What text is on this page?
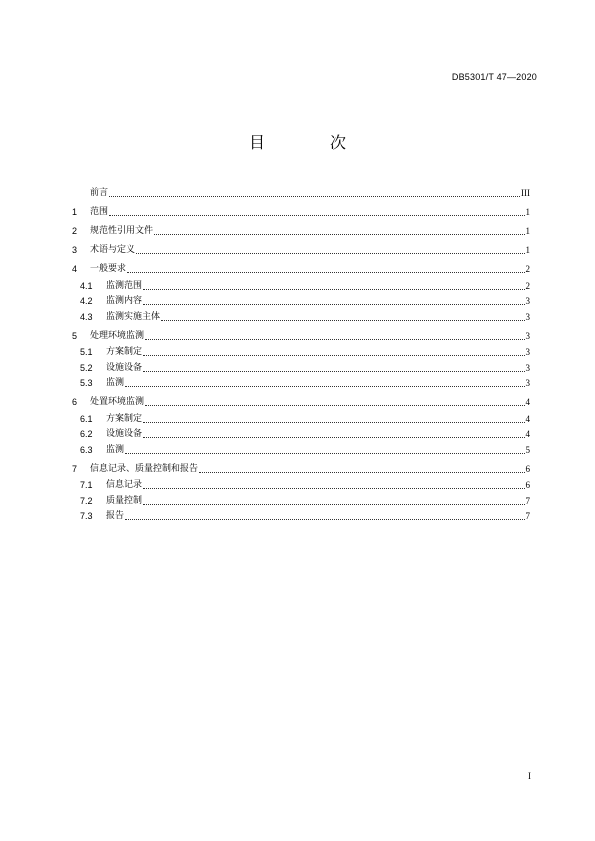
DB5301/T 47—2020
目 次
前言	III
1	范围	1
2	规范性引用文件	1
3	术语与定义	1
4	一般要求	2
4.1	监测范围	2
4.2	监测内容	3
4.3	监测实施主体	3
5	处理环境监测	3
5.1	方案制定	3
5.2	设施设备	3
5.3	监测	3
6	处置环境监测	4
6.1	方案制定	4
6.2	设施设备	4
6.3	监测	5
7	信息记录、质量控制和报告	6
7.1	信息记录	6
7.2	质量控制	7
7.3	报告	7
I
